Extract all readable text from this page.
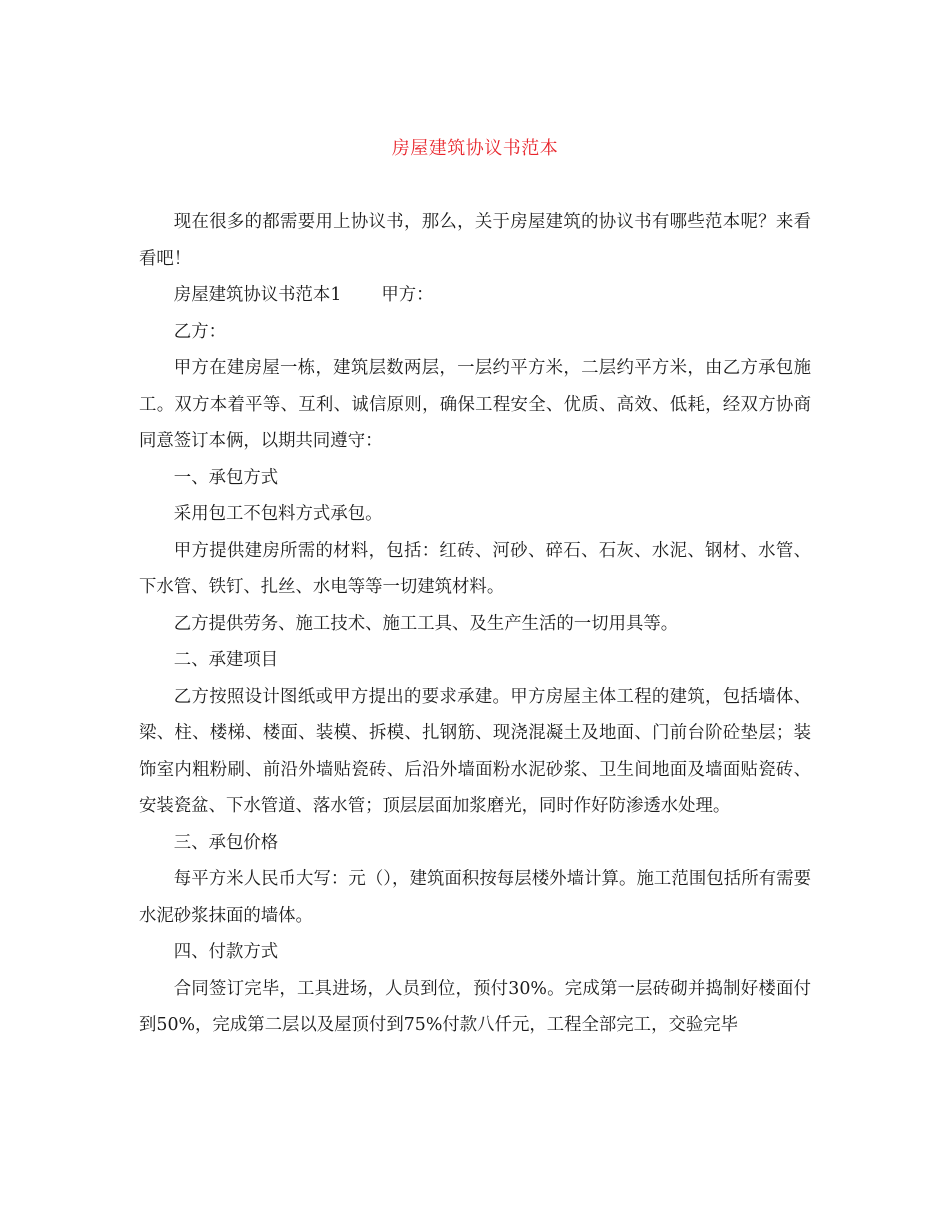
房屋建筑协议书范本

现在很多的都需要用上协议书，那么，关于房屋建筑的协议书有哪些范本呢？来看看吧！

房屋建筑协议书范本1 甲方：

乙方：

甲方在建房屋一栋，建筑层数两层，一层约平方米，二层约平方米，由乙方承包施工。双方本着平等、互利、诚信原则，确保工程安全、优质、高效、低耗，经双方协商同意签订本俩，以期共同遵守：

一、承包方式

采用包工不包料方式承包。

甲方提供建房所需的材料，包括：红砖、河砂、碎石、石灰、水泥、钢材、水管、下水管、铁钉、扎丝、水电等等一切建筑材料。

乙方提供劳务、施工技术、施工工具、及生产生活的一切用具等。

二、承建项目

乙方按照设计图纸或甲方提出的要求承建。甲方房屋主体工程的建筑，包括墙体、梁、柱、楼梯、楼面、装模、拆模、扎钢筋、现浇混凝土及地面、门前台阶砼垫层；装饰室内粗粉刷、前沿外墙贴瓷砖、后沿外墙面粉水泥砂浆、卫生间地面及墙面贴瓷砖、安装瓷盆、下水管道、落水管；顶层层面加浆磨光，同时作好防渗透水处理。

三、承包价格

每平方米人民币大写：元（），建筑面积按每层楼外墙计算。施工范围包括所有需要水泥砂浆抹面的墙体。

四、付款方式

合同签订完毕，工具进场，人员到位，预付30%。完成第一层砖砌并捣制好楼面付到50%，完成第二层以及屋顶付到75%付款八仟元，工程全部完工，交验完毕
